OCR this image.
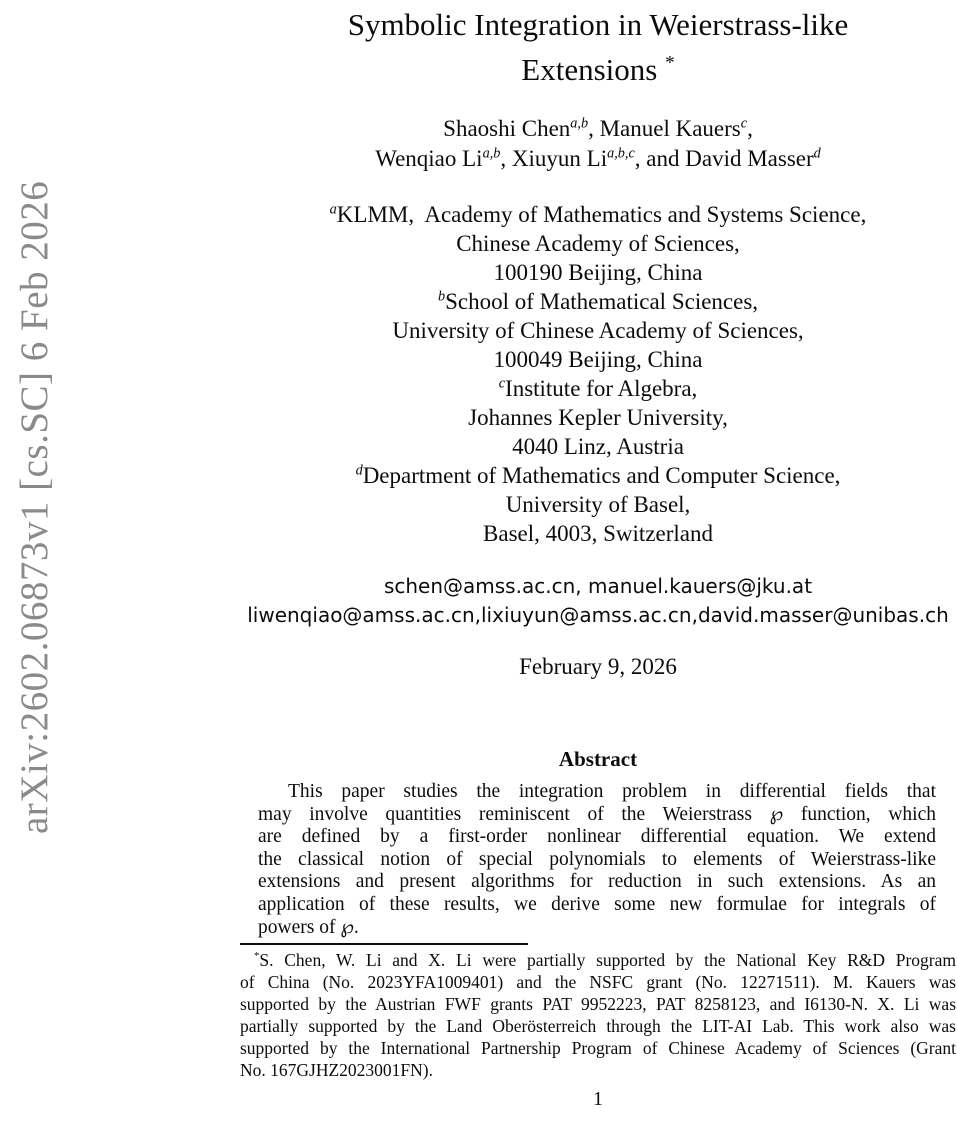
arXiv:2602.06873v1 [cs.SC] 6 Feb 2026
Symbolic Integration in Weierstrass-like
Extensions *
Shaoshi Chen$^{a,b}$, Manuel Kauers$^c$,
Wenqiao Li$^{a,b}$, Xiuyun Li$^{a,b,c}$, and David Masser$^d$
$^a$KLMM,  Academy of Mathematics and Systems Science,
Chinese Academy of Sciences,
100190 Beijing, China
$^b$School of Mathematical Sciences,
University of Chinese Academy of Sciences,
100049 Beijing, China
$^c$Institute for Algebra,
Johannes Kepler University,
4040 Linz, Austria
$^d$Department of Mathematics and Computer Science,
University of Basel,
Basel, 4003, Switzerland
schen@amss.ac.cn, manuel.kauers@jku.at
liwenqiao@amss.ac.cn,lixiuyun@amss.ac.cn,david.masser@unibas.ch
February 9, 2026
Abstract
This paper studies the integration problem in differential fields that
may involve quantities reminiscent of the Weierstrass ℘ function, which
are defined by a first-order nonlinear differential equation. We extend
the classical notion of special polynomials to elements of Weierstrass-like
extensions and present algorithms for reduction in such extensions. As an
application of these results, we derive some new formulae for integrals of
powers of ℘.
*S. Chen, W. Li and X. Li were partially supported by the National Key R&D Program
of China (No. 2023YFA1009401) and the NSFC grant (No. 12271511). M. Kauers was
supported by the Austrian FWF grants PAT 9952223, PAT 8258123, and I6130-N. X. Li was
partially supported by the Land Oberösterreich through the LIT-AI Lab. This work also was
supported by the International Partnership Program of Chinese Academy of Sciences (Grant
No. 167GJHZ2023001FN).
1
